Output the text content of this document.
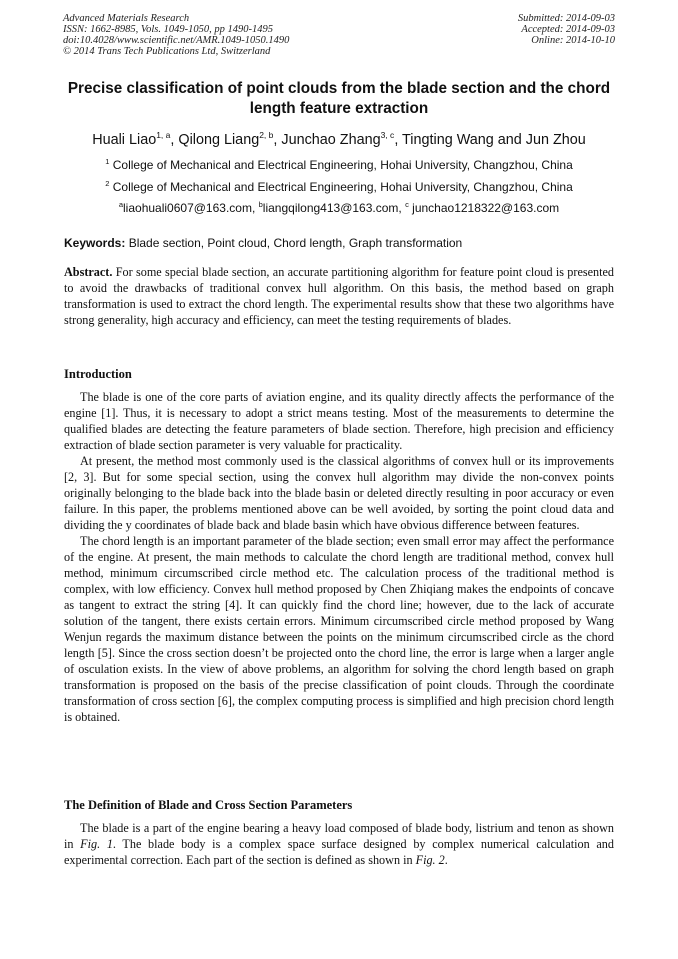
Advanced Materials Research
ISSN: 1662-8985, Vols. 1049-1050, pp 1490-1495
doi:10.4028/www.scientific.net/AMR.1049-1050.1490
© 2014 Trans Tech Publications Ltd, Switzerland
Submitted: 2014-09-03
Accepted: 2014-09-03
Online: 2014-10-10
Precise classification of point clouds from the blade section and the chord length feature extraction
Huali Liao$^{1, a}$, Qilong Liang$^{2, b}$, Junchao Zhang$^{3, c}$, Tingting Wang and Jun Zhou
$^1$ College of Mechanical and Electrical Engineering, Hohai University, Changzhou, China
$^2$ College of Mechanical and Electrical Engineering, Hohai University, Changzhou, China
$^a$liaohuali0607@163.com, $^b$liangqilong413@163.com, $^c$ junchao1218322@163.com
Keywords: Blade section, Point cloud, Chord length, Graph transformation

Abstract. For some special blade section, an accurate partitioning algorithm for feature point cloud is presented to avoid the drawbacks of traditional convex hull algorithm. On this basis, the method based on graph transformation is used to extract the chord length. The experimental results show that these two algorithms have strong generality, high accuracy and efficiency, can meet the testing requirements of blades.

Introduction

The blade is one of the core parts of aviation engine, and its quality directly affects the performance of the engine [1]. Thus, it is necessary to adopt a strict means testing. Most of the measurements to determine the qualified blades are detecting the feature parameters of blade section. Therefore, high precision and efficiency extraction of blade section parameter is very valuable for practicality.

At present, the method most commonly used is the classical algorithms of convex hull or its improvements [2, 3]. But for some special section, using the convex hull algorithm may divide the non-convex points originally belonging to the blade back into the blade basin or deleted directly resulting in poor accuracy or even failure. In this paper, the problems mentioned above can be well avoided, by sorting the point cloud data and dividing the y coordinates of blade back and blade basin which have obvious difference between features.

The chord length is an important parameter of the blade section; even small error may affect the performance of the engine. At present, the main methods to calculate the chord length are traditional method, convex hull method, minimum circumscribed circle method etc. The calculation process of the traditional method is complex, with low efficiency. Convex hull method proposed by Chen Zhiqiang makes the endpoints of concave as tangent to extract the string [4]. It can quickly find the chord line; however, due to the lack of accurate solution of the tangent, there exists certain errors. Minimum circumscribed circle method proposed by Wang Wenjun regards the maximum distance between the points on the minimum circumscribed circle as the chord length [5]. Since the cross section doesn’t be projected onto the chord line, the error is large when a larger angle of osculation exists. In the view of above problems, an algorithm for solving the chord length based on graph transformation is proposed on the basis of the precise classification of point clouds. Through the coordinate transformation of cross section [6], the complex computing process is simplified and high precision chord length is obtained.

The Definition of Blade and Cross Section Parameters

The blade is a part of the engine bearing a heavy load composed of blade body, listrium and tenon as shown in Fig. 1. The blade body is a complex space surface designed by complex numerical calculation and experimental correction. Each part of the section is defined as shown in Fig. 2.
